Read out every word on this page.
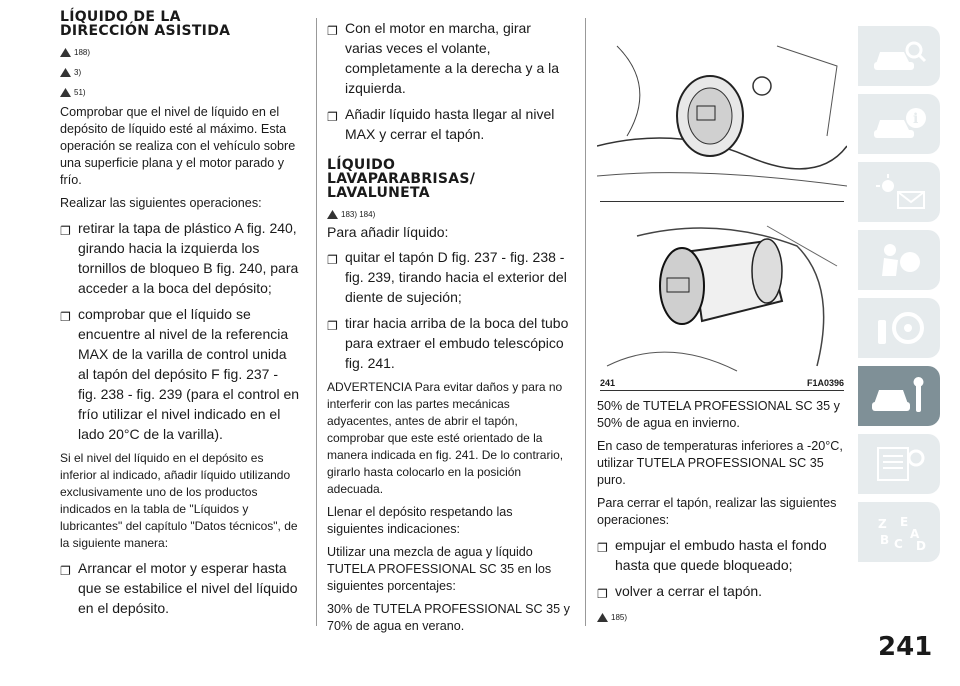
LÍQUIDO DE LA DIRECCIÓN ASISTIDA
188)
3)
51)

Comprobar que el nivel de líquido en el depósito de líquido esté al máximo. Esta operación se realiza con el vehículo sobre una superficie plana y el motor parado y frío.

Realizar las siguientes operaciones:

❐ retirar la tapa de plástico A fig. 240, girando hacia la izquierda los tornillos de bloqueo B fig. 240, para acceder a la boca del depósito;
❐ comprobar que el líquido se encuentre al nivel de la referencia MAX de la varilla de control unida al tapón del depósito F fig. 237 - fig. 238 - fig. 239 (para el control en frío utilizar el nivel indicado en el lado 20°C de la varilla).

Si el nivel del líquido en el depósito es inferior al indicado, añadir líquido utilizando exclusivamente uno de los productos indicados en la tabla de "Líquidos y lubricantes" del capítulo "Datos técnicos", de la siguiente manera:

❐ Arrancar el motor y esperar hasta que se estabilice el nivel del líquido en el depósito.
❐ Con el motor en marcha, girar varias veces el volante, completamente a la derecha y a la izquierda.
❐ Añadir líquido hasta llegar al nivel MAX y cerrar el tapón.
LÍQUIDO LAVAPARABRISAS/ LAVALUNETA
183) 184)

Para añadir líquido:

❐ quitar el tapón D fig. 237 - fig. 238 - fig. 239, tirando hacia el exterior del diente de sujeción;
❐ tirar hacia arriba de la boca del tubo para extraer el embudo telescópico fig. 241.

ADVERTENCIA Para evitar daños y para no interferir con las partes mecánicas adyacentes, antes de abrir el tapón, comprobar que este esté orientado de la manera indicada en fig. 241. De lo contrario, girarlo hasta colocarlo en la posición adecuada.

Llenar el depósito respetando las siguientes indicaciones:

Utilizar una mezcla de agua y líquido TUTELA PROFESSIONAL SC 35 en los siguientes porcentajes:

30% de TUTELA PROFESSIONAL SC 35 y 70% de agua en verano.

241	F1A0396

50% de TUTELA PROFESSIONAL SC 35 y 50% de agua en invierno.

En caso de temperaturas inferiores a -20°C, utilizar TUTELA PROFESSIONAL SC 35 puro.

Para cerrar el tapón, realizar las siguientes operaciones:

❐ empujar el embudo hasta el fondo hasta que quede bloqueado;
❐ volver a cerrar el tapón.
185)
i
Z E
A
B C D
241
